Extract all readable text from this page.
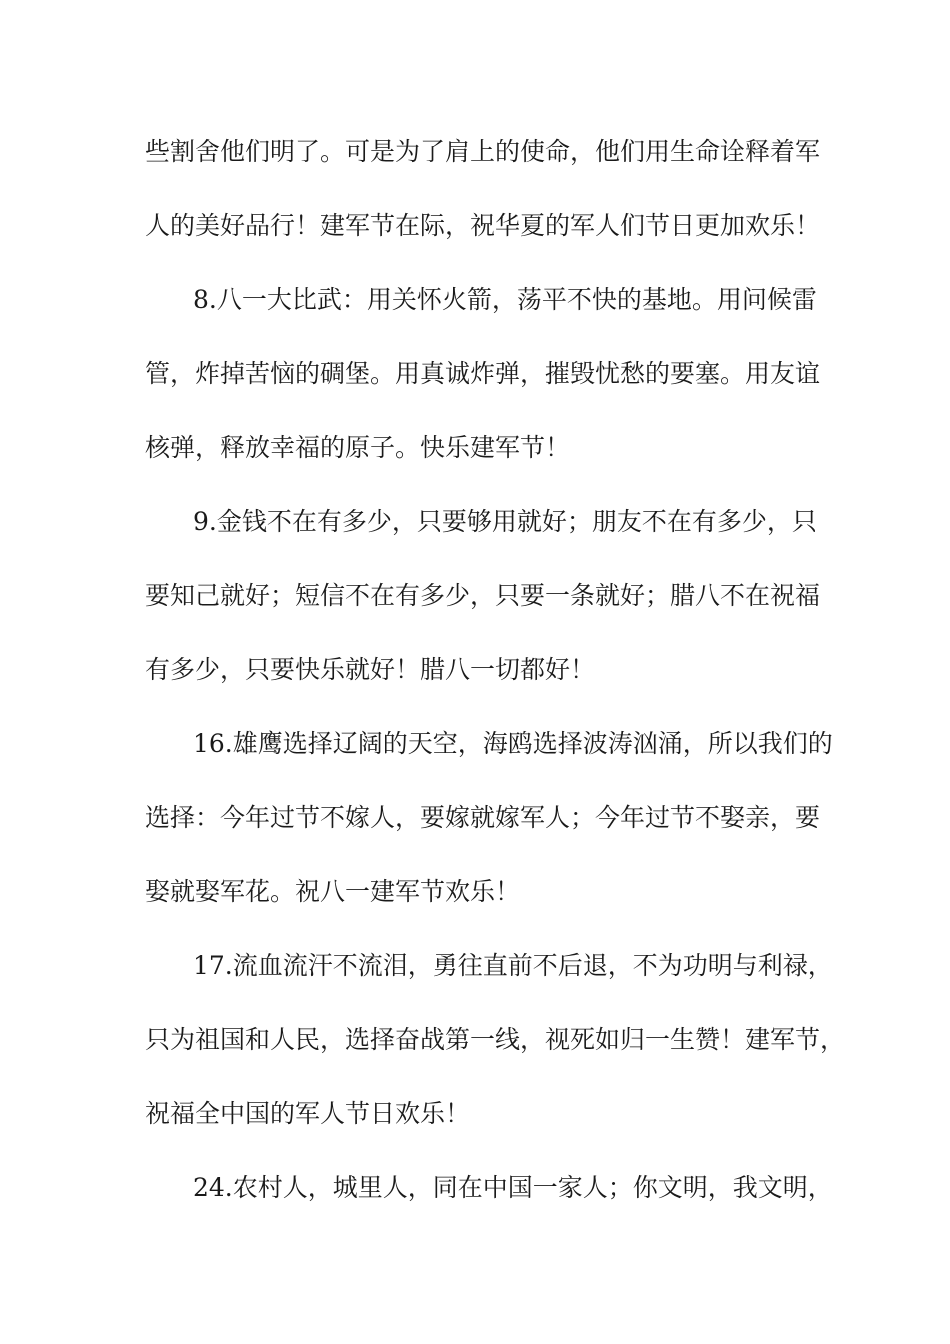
些割舍他们明了。可是为了肩上的使命，他们用生命诠释着军
人的美好品行！建军节在际，祝华夏的军人们节日更加欢乐！
8.八一大比武：用关怀火箭，荡平不快的基地。用问候雷
管，炸掉苦恼的碉堡。用真诚炸弹，摧毁忧愁的要塞。用友谊
核弹，释放幸福的原子。快乐建军节！
9.金钱不在有多少，只要够用就好；朋友不在有多少，只
要知己就好；短信不在有多少，只要一条就好；腊八不在祝福
有多少，只要快乐就好！腊八一切都好！
16.雄鹰选择辽阔的天空，海鸥选择波涛汹涌，所以我们的
选择：今年过节不嫁人，要嫁就嫁军人；今年过节不娶亲，要
娶就娶军花。祝八一建军节欢乐！
17.流血流汗不流泪，勇往直前不后退，不为功明与利禄，
只为祖国和人民，选择奋战第一线，视死如归一生赞！建军节，
祝福全中国的军人节日欢乐！
24.农村人，城里人，同在中国一家人；你文明，我文明，
